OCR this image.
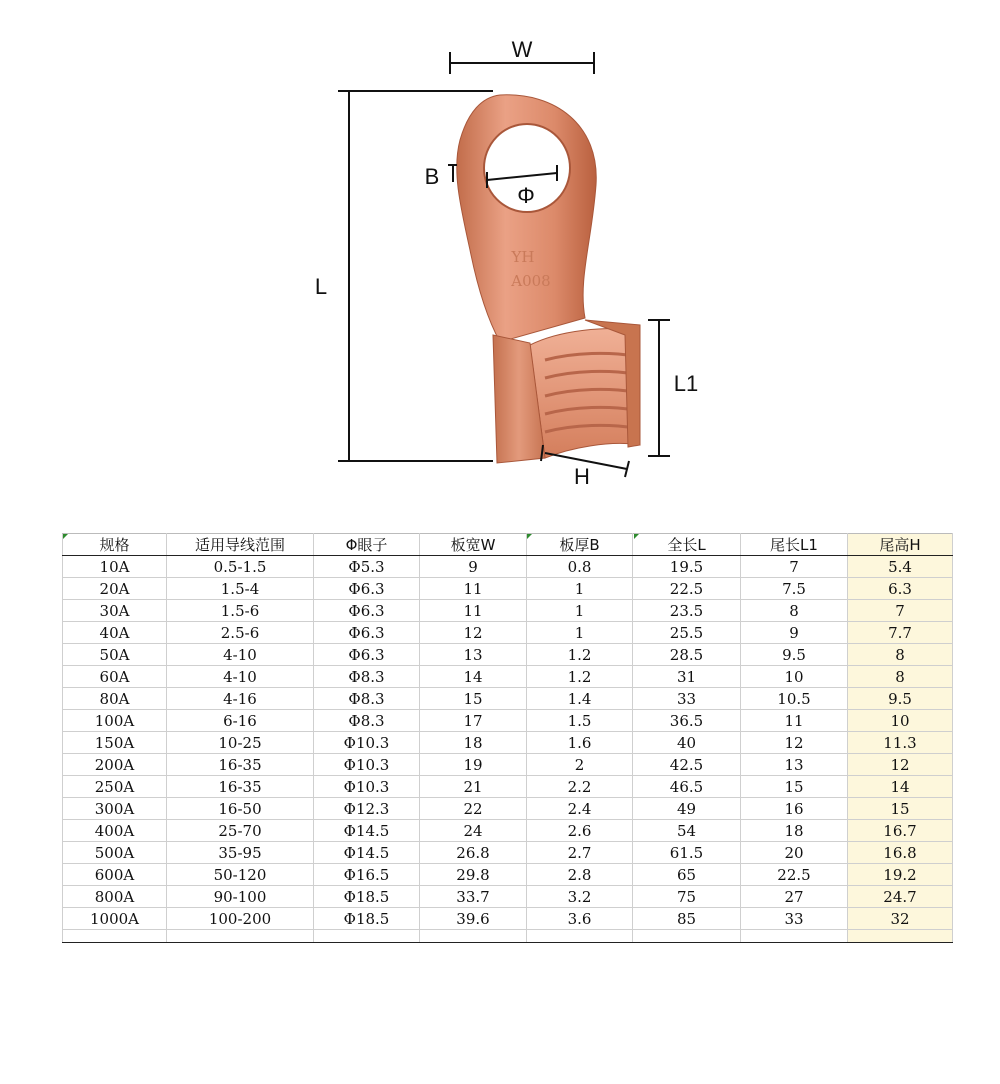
YH
A008
W
L
B
Φ
L1
H
规格	适用导线范围	Φ眼子	板宽W	板厚B	全长L	尾长L1	尾高H
10A	0.5-1.5	Φ5.3	9	0.8	19.5	7	5.4
20A	1.5-4	Φ6.3	11	1	22.5	7.5	6.3
30A	1.5-6	Φ6.3	11	1	23.5	8	7
40A	2.5-6	Φ6.3	12	1	25.5	9	7.7
50A	4-10	Φ6.3	13	1.2	28.5	9.5	8
60A	4-10	Φ8.3	14	1.2	31	10	8
80A	4-16	Φ8.3	15	1.4	33	10.5	9.5
100A	6-16	Φ8.3	17	1.5	36.5	11	10
150A	10-25	Φ10.3	18	1.6	40	12	11.3
200A	16-35	Φ10.3	19	2	42.5	13	12
250A	16-35	Φ10.3	21	2.2	46.5	15	14
300A	16-50	Φ12.3	22	2.4	49	16	15
400A	25-70	Φ14.5	24	2.6	54	18	16.7
500A	35-95	Φ14.5	26.8	2.7	61.5	20	16.8
600A	50-120	Φ16.5	29.8	2.8	65	22.5	19.2
800A	90-100	Φ18.5	33.7	3.2	75	27	24.7
1000A	100-200	Φ18.5	39.6	3.6	85	33	32
